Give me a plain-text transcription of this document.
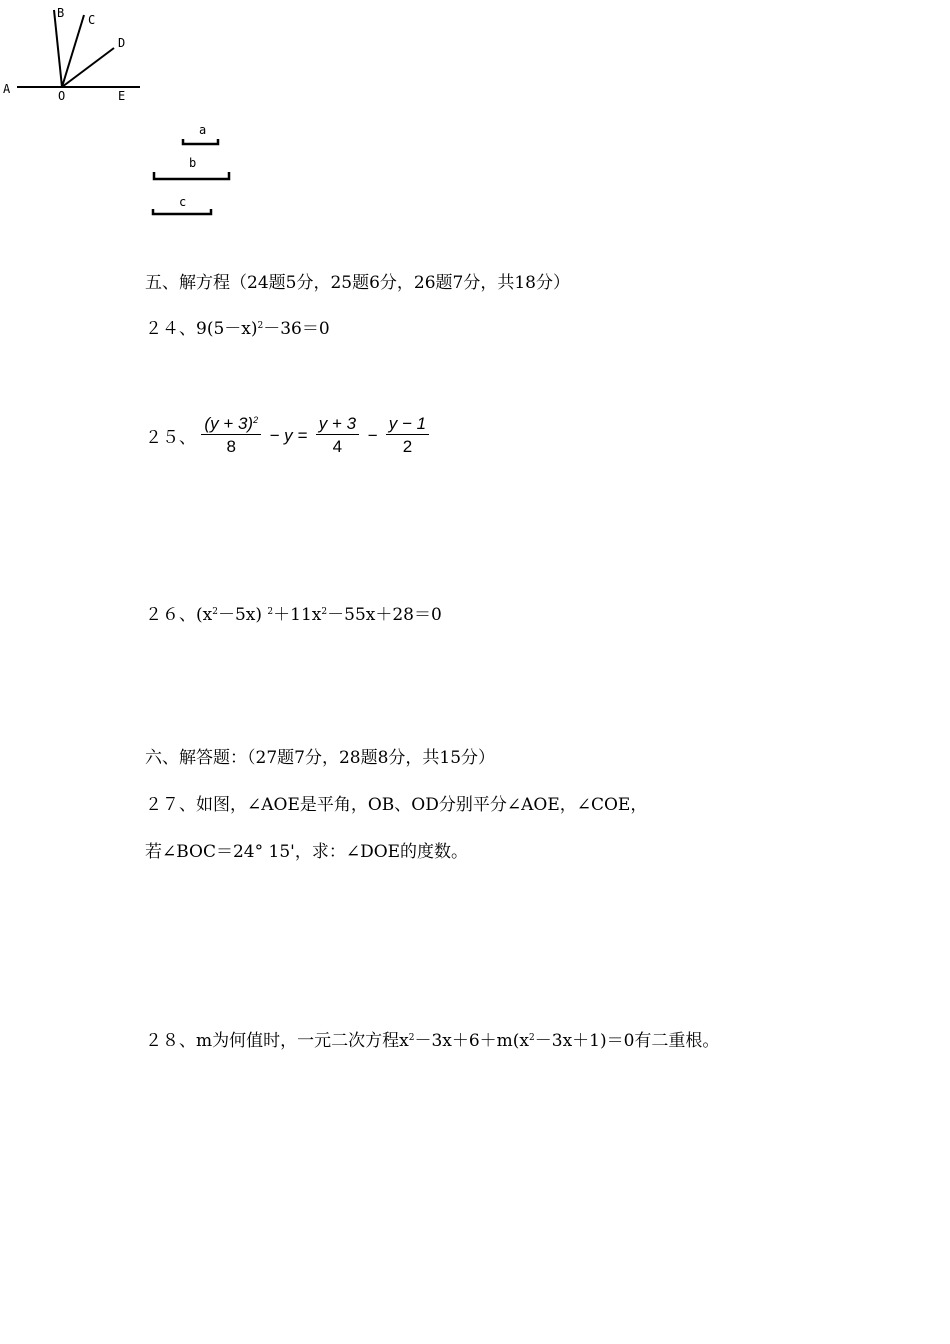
B C
D
A	O	E
a
b
c
五、解方程（24题5分，25题6分，26题7分，共18分）
２４、$9(5-x)^2-36=0$
２５、 $\frac{(y + 3)^2}{8} - y = \frac{y + 3}{4} - \frac{y - 1}{2}$
２６、$(x^2-5x)$ $^2+11x^2-55x+28=0$
六、解答题：（27题7分，28题8分，共15分）
２７、如图，∠AOE是平角，OB、OD分别平分∠AOE，∠COE，
若∠BOC＝24° 15'，求：∠DOE的度数。
２８、m为何值时，一元二次方程$x^2-3x+6+m(x^2-3x+1)=0$有二重根。
